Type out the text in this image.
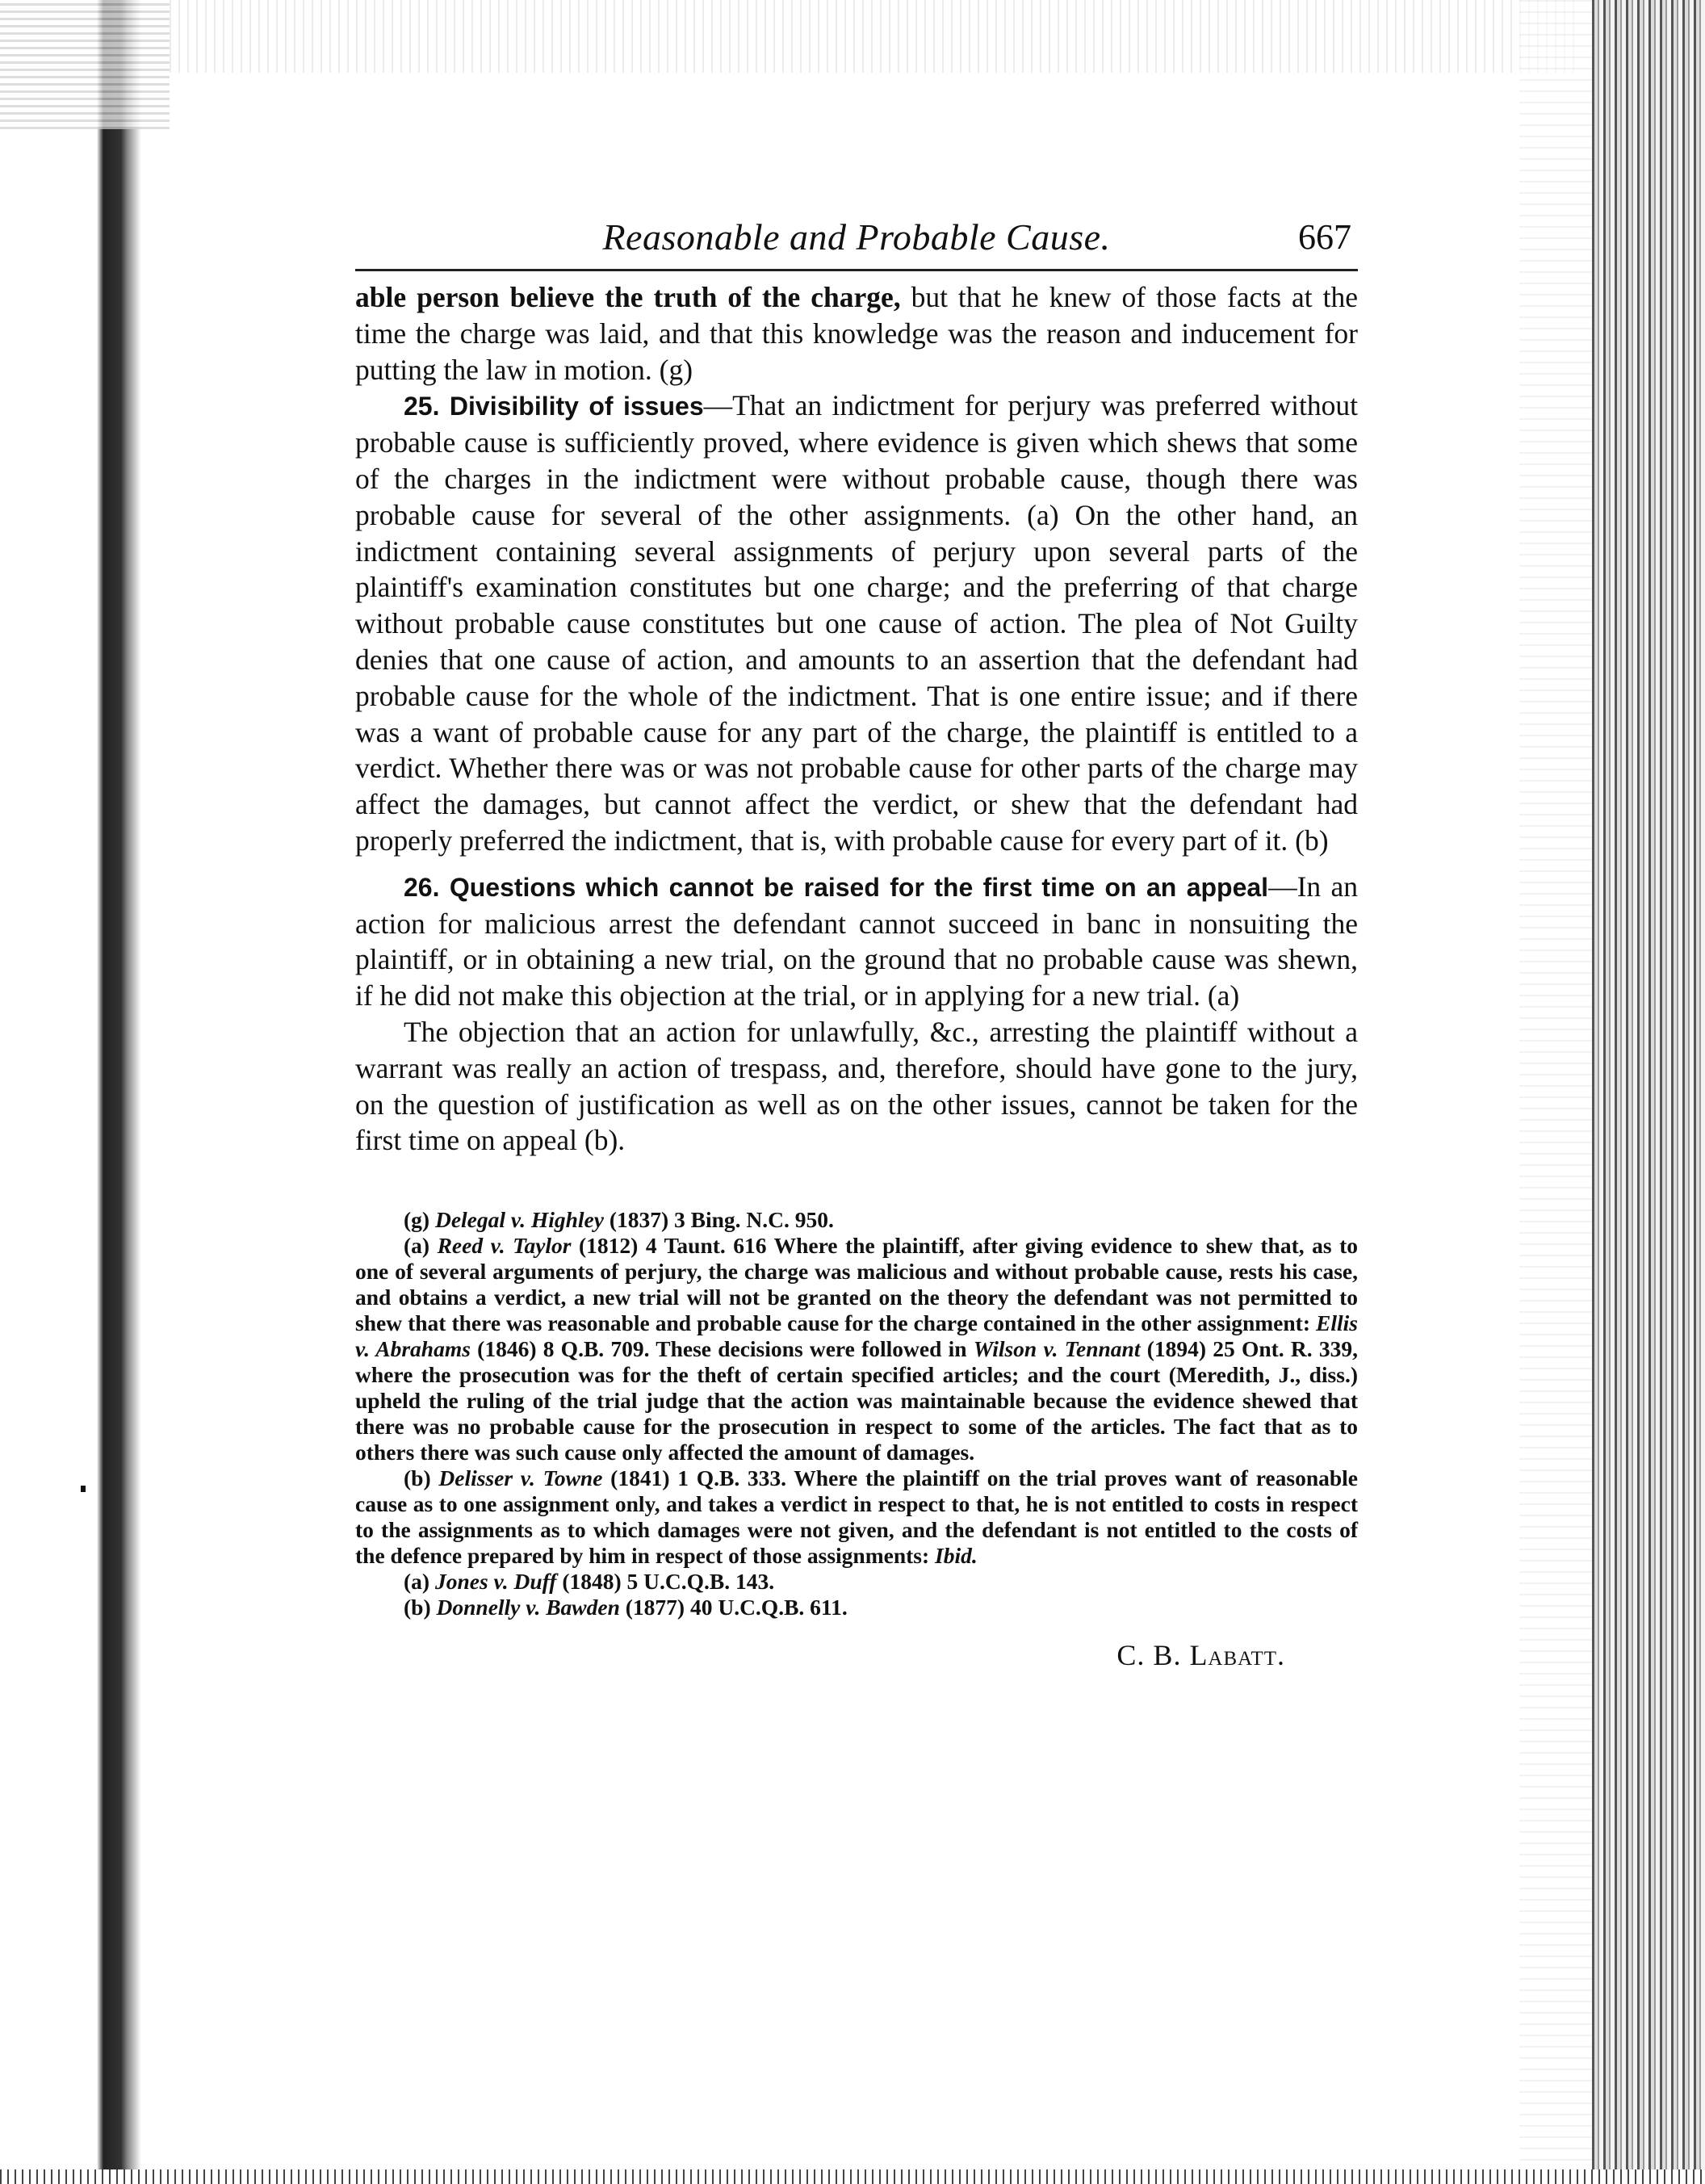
Reasonable and Probable Cause.	667

able person believe the truth of the charge, but that he knew of those facts at the time the charge was laid, and that this knowledge was the reason and inducement for putting the law in motion. (g)

25. Divisibility of issues—That an indictment for perjury was preferred without probable cause is sufficiently proved, where evidence is given which shews that some of the charges in the indictment were without probable cause, though there was probable cause for several of the other assignments. (a) On the other hand, an indictment containing several assignments of perjury upon several parts of the plaintiff's examination constitutes but one charge; and the preferring of that charge without probable cause constitutes but one cause of action. The plea of Not Guilty denies that one cause of action, and amounts to an assertion that the defendant had probable cause for the whole of the indictment. That is one entire issue; and if there was a want of probable cause for any part of the charge, the plaintiff is entitled to a verdict. Whether there was or was not probable cause for other parts of the charge may affect the damages, but cannot affect the verdict, or shew that the defendant had properly preferred the indictment, that is, with probable cause for every part of it. (b)

26. Questions which cannot be raised for the first time on an appeal—In an action for malicious arrest the defendant cannot succeed in banc in nonsuiting the plaintiff, or in obtaining a new trial, on the ground that no probable cause was shewn, if he did not make this objection at the trial, or in applying for a new trial. (a)

The objection that an action for unlawfully, &c., arresting the plaintiff without a warrant was really an action of trespass, and, therefore, should have gone to the jury, on the question of justification as well as on the other issues, cannot be taken for the first time on appeal (b).

(g) Delegal v. Highley (1837) 3 Bing. N.C. 950.

(a) Reed v. Taylor (1812) 4 Taunt. 616 Where the plaintiff, after giving evidence to shew that, as to one of several arguments of perjury, the charge was malicious and without probable cause, rests his case, and obtains a verdict, a new trial will not be granted on the theory the defendant was not permitted to shew that there was reasonable and probable cause for the charge contained in the other assignment: Ellis v. Abrahams (1846) 8 Q.B. 709. These decisions were followed in Wilson v. Tennant (1894) 25 Ont. R. 339, where the prosecution was for the theft of certain specified articles; and the court (Meredith, J., diss.) upheld the ruling of the trial judge that the action was maintainable because the evidence shewed that there was no probable cause for the prosecution in respect to some of the articles. The fact that as to others there was such cause only affected the amount of damages.

(b) Delisser v. Towne (1841) 1 Q.B. 333. Where the plaintiff on the trial proves want of reasonable cause as to one assignment only, and takes a verdict in respect to that, he is not entitled to costs in respect to the assignments as to which damages were not given, and the defendant is not entitled to the costs of the defence prepared by him in respect of those assignments: Ibid.

(a) Jones v. Duff (1848) 5 U.C.Q.B. 143.

(b) Donnelly v. Bawden (1877) 40 U.C.Q.B. 611.

C. B. Labatt.
